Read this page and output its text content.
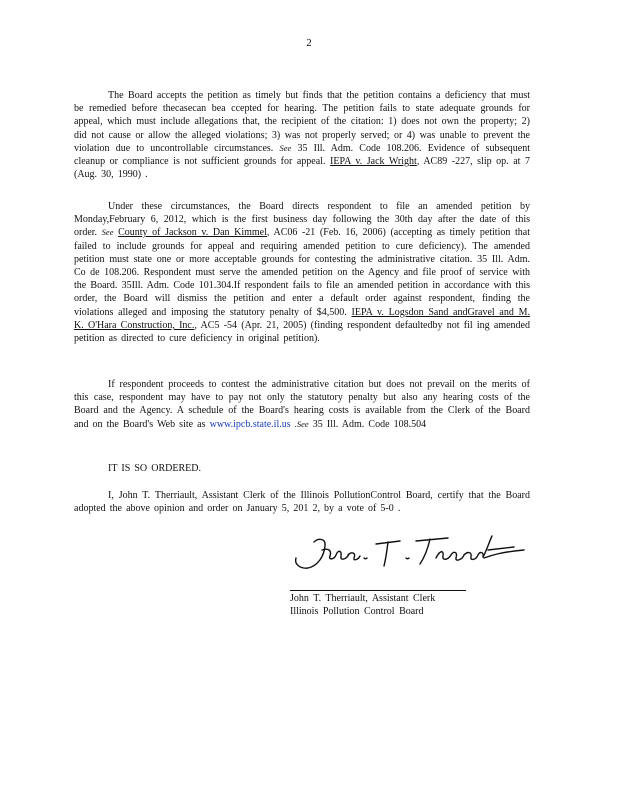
2

The Board accepts the petition as timely but finds that the petition contains a deficiency that must be remedied before thecasecan bea ccepted for hearing. The petition fails to state adequate grounds for appeal, which must include allegations that, the recipient of the citation: 1) does not own the property; 2) did not cause or allow the alleged violations; 3) was not properly served; or 4) was unable to prevent the violation due to uncontrollable circumstances. See 35 Ill. Adm. Code 108.206. Evidence of subsequent cleanup or compliance is not sufficient grounds for appeal. IEPA v. Jack Wright, AC89 -227, slip op. at 7 (Aug. 30, 1990) .

Under these circumstances, the Board directs respondent to file an amended petition by Monday,February 6, 2012, which is the first business day following the 30th day after the date of this order. See County of Jackson v. Dan Kimmel, AC06 -21 (Feb. 16, 2006) (accepting as timely petition that failed to include grounds for appeal and requiring amended petition to cure deficiency). The amended petition must state one or more acceptable grounds for contesting the administrative citation. 35 Ill. Adm. Co de 108.206. Respondent must serve the amended petition on the Agency and file proof of service with the Board. 35Ill. Adm. Code 101.304.If respondent fails to file an amended petition in accordance with this order, the Board will dismiss the petition and enter a default order against respondent, finding the violations alleged and imposing the statutory penalty of $4,500. IEPA v. Logsdon Sand andGravel and M. K. O'Hara Construction, Inc., AC5 -54 (Apr. 21, 2005) (finding respondent defaultedby not fil ing amended petition as directed to cure deficiency in original petition).

If respondent proceeds to contest the administrative citation but does not prevail on the merits of this case, respondent may have to pay not only the statutory penalty but also any hearing costs of the Board and the Agency. A schedule of the Board's hearing costs is available from the Clerk of the Board and on the Board's Web site as www.ipcb.state.il.us .See 35 Ill. Adm. Code 108.504

IT IS SO ORDERED.

I, John T. Therriault, Assistant Clerk of the Illinois PollutionControl Board, certify that the Board adopted the above opinion and order on January 5, 201 2, by a vote of 5-0 .

John T. Therriault, Assistant Clerk
Illinois Pollution Control Board
